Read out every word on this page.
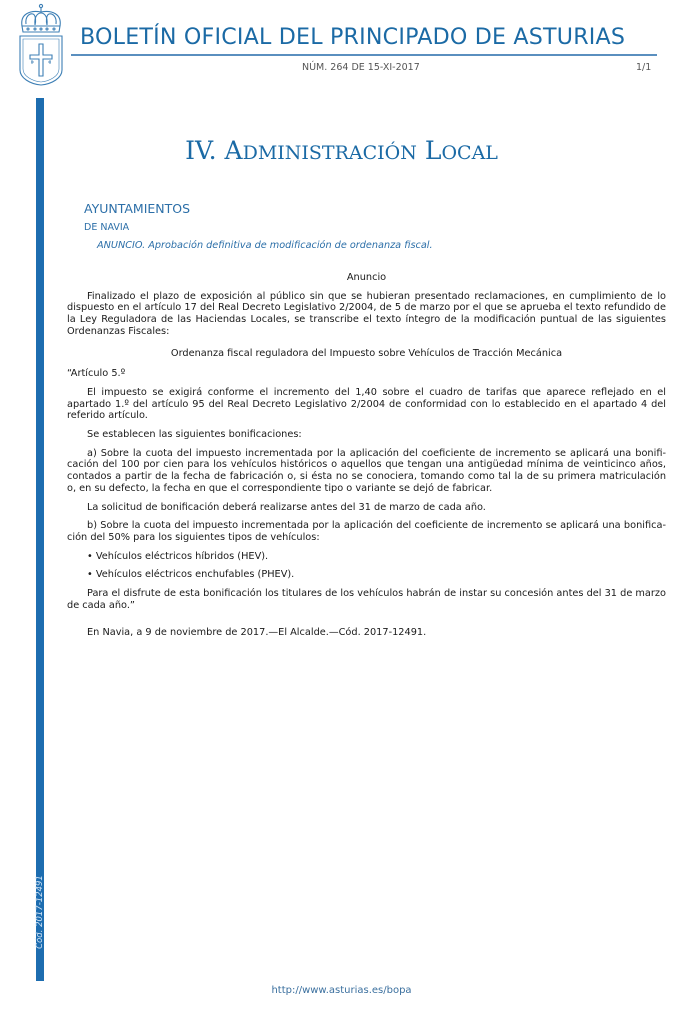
BOLETÍN OFICIAL DEL PRINCIPADO DE ASTURIAS
NÚM. 264 DE 15-XI-2017	1/1
Cód. 2017-12491
IV. ADMINISTRACIÓN LOCAL
AYUNTAMIENTOS
DE NAVIA
ANUNCIO. Aprobación definitiva de modificación de ordenanza fiscal.

Anuncio

Finalizado el plazo de exposición al público sin que se hubieran presentado reclamaciones, en cumplimiento de lo dispuesto en el artículo 17 del Real Decreto Legislativo 2/2004, de 5 de marzo por el que se aprueba el texto refundido de la Ley Reguladora de las Haciendas Locales, se transcribe el texto íntegro de la modificación puntual de las siguientes Ordenanzas Fiscales:

Ordenanza fiscal reguladora del Impuesto sobre Vehículos de Tracción Mecánica

“Artículo 5.º

El impuesto se exigirá conforme el incremento del 1,40 sobre el cuadro de tarifas que aparece reflejado en el apartado 1.º del artículo 95 del Real Decreto Legislativo 2/2004 de conformidad con lo establecido en el apartado 4 del referido artículo.

Se establecen las siguientes bonificaciones:

a) Sobre la cuota del impuesto incrementada por la aplicación del coeficiente de incremento se aplicará una bonificación del 100 por cien para los vehículos históricos o aquellos que tengan una antigüedad mínima de veinticinco años, contados a partir de la fecha de fabricación o, si ésta no se conociera, tomando como tal la de su primera matriculación o, en su defecto, la fecha en que el correspondiente tipo o variante se dejó de fabricar.

La solicitud de bonificación deberá realizarse antes del 31 de marzo de cada año.

b) Sobre la cuota del impuesto incrementada por la aplicación del coeficiente de incremento se aplicará una bonificación del 50% para los siguientes tipos de vehículos:

• Vehículos eléctricos híbridos (HEV).

• Vehículos eléctricos enchufables (PHEV).

Para el disfrute de esta bonificación los titulares de los vehículos habrán de instar su concesión antes del 31 de marzo de cada año.”

En Navia, a 9 de noviembre de 2017.—El Alcalde.—Cód. 2017-12491.

http://www.asturias.es/bopa
